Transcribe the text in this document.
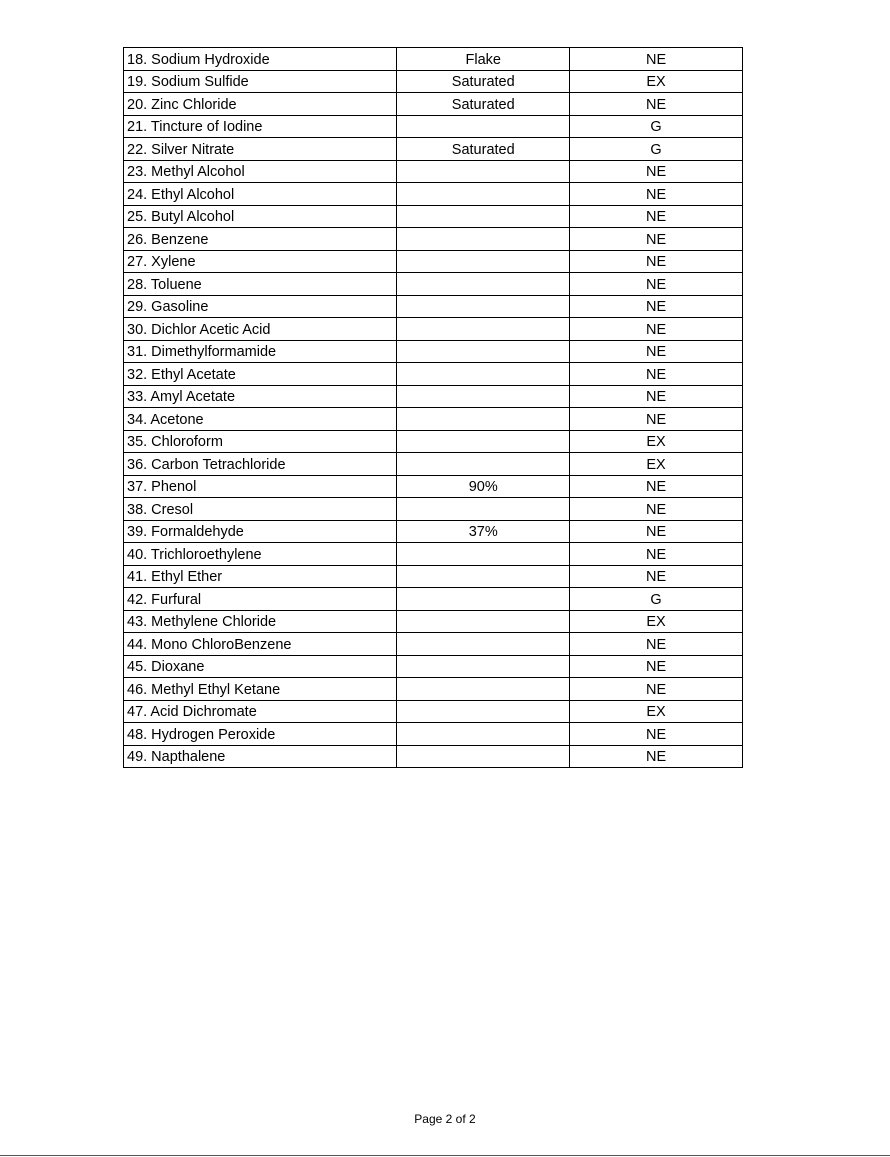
18. Sodium Hydroxide	Flake	NE
19. Sodium Sulfide	Saturated	EX
20. Zinc Chloride	Saturated	NE
21. Tincture of Iodine		G
22. Silver Nitrate	Saturated	G
23. Methyl Alcohol		NE
24. Ethyl Alcohol		NE
25. Butyl Alcohol		NE
26. Benzene		NE
27. Xylene		NE
28. Toluene		NE
29. Gasoline		NE
30. Dichlor Acetic Acid		NE
31. Dimethylformamide		NE
32. Ethyl Acetate		NE
33. Amyl Acetate		NE
34. Acetone		NE
35. Chloroform		EX
36. Carbon Tetrachloride		EX
37. Phenol	90%	NE
38. Cresol		NE
39. Formaldehyde	37%	NE
40. Trichloroethylene		NE
41. Ethyl Ether		NE
42. Furfural		G
43. Methylene Chloride		EX
44. Mono ChloroBenzene		NE
45. Dioxane		NE
46. Methyl Ethyl Ketane		NE
47. Acid Dichromate		EX
48. Hydrogen Peroxide		NE
49. Napthalene		NE
Page 2 of 2
